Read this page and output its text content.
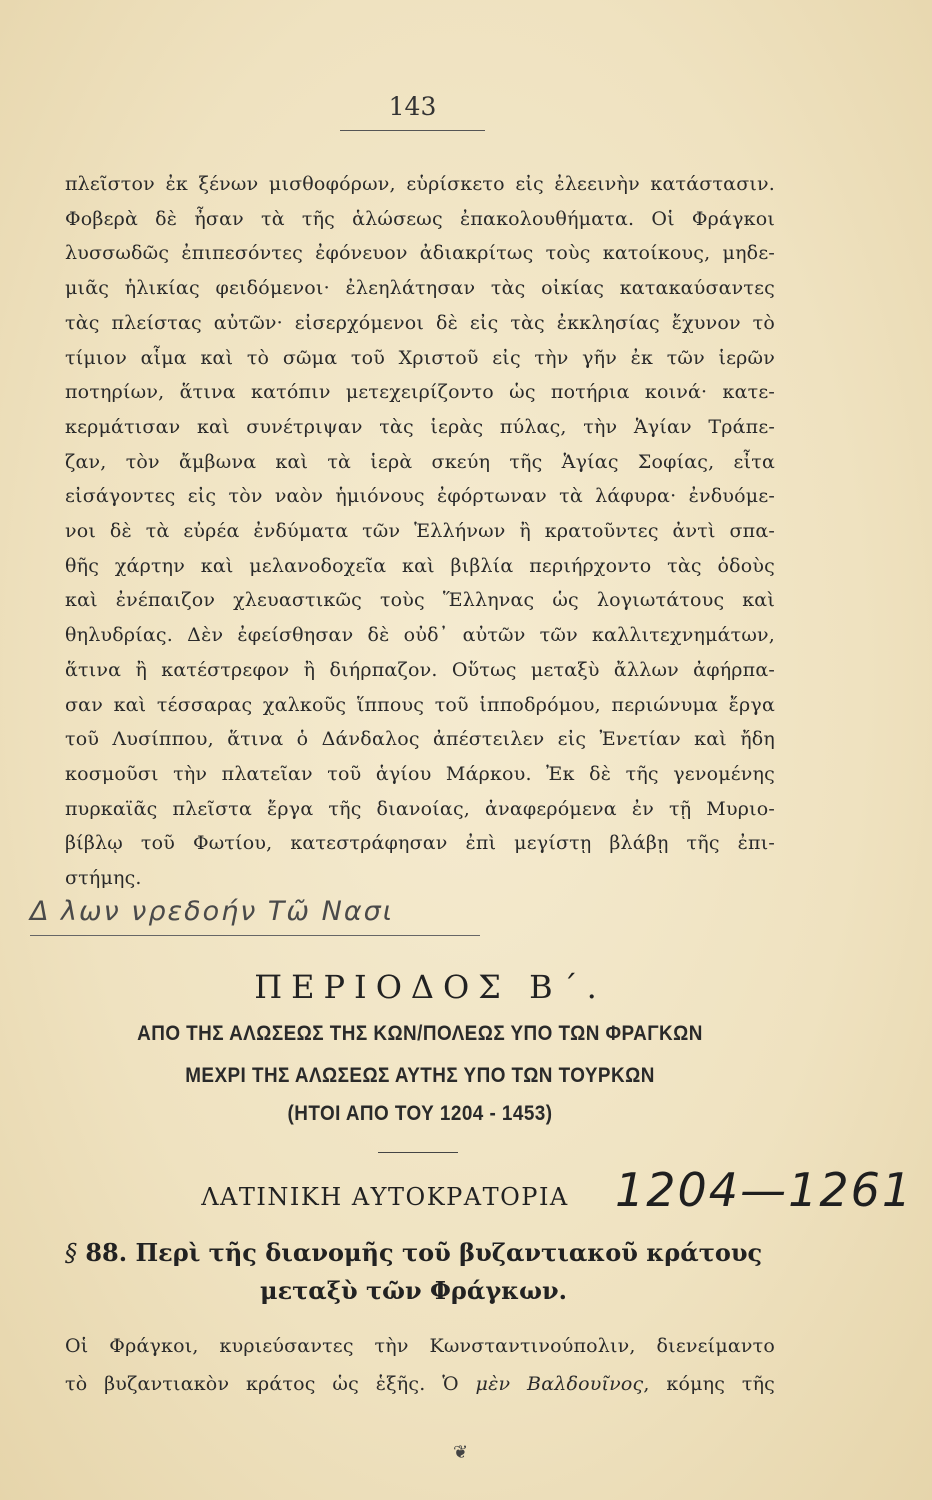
143
πλεῖστον ἐκ ξένων μισθοφόρων, εὑρίσκετο εἰς ἐλεεινὴν κατάστασιν.
Φοβερὰ δὲ ἦσαν τὰ τῆς ἁλώσεως ἐπακολουθήματα. Οἱ Φράγκοι
λυσσωδῶς ἐπιπεσόντες ἐφόνευον ἀδιακρίτως τοὺς κατοίκους, μηδε-
μιᾶς ἡλικίας φειδόμενοι· ἐλεηλάτησαν τὰς οἰκίας κατακαύσαντες
τὰς πλείστας αὐτῶν· εἰσερχόμενοι δὲ εἰς τὰς ἐκκλησίας ἔχυνον τὸ
τίμιον αἷμα καὶ τὸ σῶμα τοῦ Χριστοῦ εἰς τὴν γῆν ἐκ τῶν ἱερῶν
ποτηρίων, ἅτινα κατόπιν μετεχειρίζοντο ὡς ποτήρια κοινά· κατε-
κερμάτισαν καὶ συνέτριψαν τὰς ἱερὰς πύλας, τὴν Ἁγίαν Τράπε-
ζαν, τὸν ἄμβωνα καὶ τὰ ἱερὰ σκεύη τῆς Ἁγίας Σοφίας, εἶτα
εἰσάγοντες εἰς τὸν ναὸν ἡμιόνους ἐφόρτωναν τὰ λάφυρα· ἐνδυόμε-
νοι δὲ τὰ εὐρέα ἐνδύματα τῶν Ἑλλήνων ἢ κρατοῦντες ἀντὶ σπα-
θῆς χάρτην καὶ μελανοδοχεῖα καὶ βιβλία περιήρχοντο τὰς ὁδοὺς
καὶ ἐνέπαιζον χλευαστικῶς τοὺς Ἕλληνας ὡς λογιωτάτους καὶ
θηλυδρίας. Δὲν ἐφείσθησαν δὲ οὐδ᾽ αὐτῶν τῶν καλλιτεχνημάτων,
ἅτινα ἢ κατέστρεφον ἢ διήρπαζον. Οὕτως μεταξὺ ἄλλων ἀφήρπα-
σαν καὶ τέσσαρας χαλκοῦς ἵππους τοῦ ἱπποδρόμου, περιώνυμα ἔργα
τοῦ Λυσίππου, ἅτινα ὁ Δάνδαλος ἀπέστειλεν εἰς Ἐνετίαν καὶ ἤδη
κοσμοῦσι τὴν πλατεῖαν τοῦ ἁγίου Μάρκου. Ἐκ δὲ τῆς γενομένης
πυρκαϊᾶς πλεῖστα ἔργα τῆς διανοίας, ἀναφερόμενα ἐν τῇ Μυριο-
βίβλῳ τοῦ Φωτίου, κατεστράφησαν ἐπὶ μεγίστῃ βλάβῃ τῆς ἐπι-
στήμης.
Δ λων νρεδοήν Τῶ Νασι
ΠΕΡΙΟΔΟΣ Β΄.
ΑΠΟ ΤΗΣ ΑΛΩΣΕΩΣ ΤΗΣ ΚΩΝ/ΠΟΛΕΩΣ ΥΠΟ ΤΩΝ ΦΡΑΓΚΩΝ
ΜΕΧΡΙ ΤΗΣ ΑΛΩΣΕΩΣ ΑΥΤΗΣ ΥΠΟ ΤΩΝ ΤΟΥΡΚΩΝ
(ΗΤΟΙ ΑΠΟ ΤΟΥ 1204 - 1453)
ΛΑΤΙΝΙΚΗ ΑΥΤΟΚΡΑΤΟΡΙΑ	1204—1261
§ 88. Περὶ τῆς διανομῆς τοῦ βυζαντιακοῦ κράτους
μεταξὺ τῶν Φράγκων.
Οἱ Φράγκοι, κυριεύσαντες τὴν Κωνσταντινούπολιν, διενείμαντο
τὸ βυζαντιακὸν κράτος ὡς ἑξῆς. Ὁ μὲν Βαλδουῖνος, κόμης τῆς
❦
